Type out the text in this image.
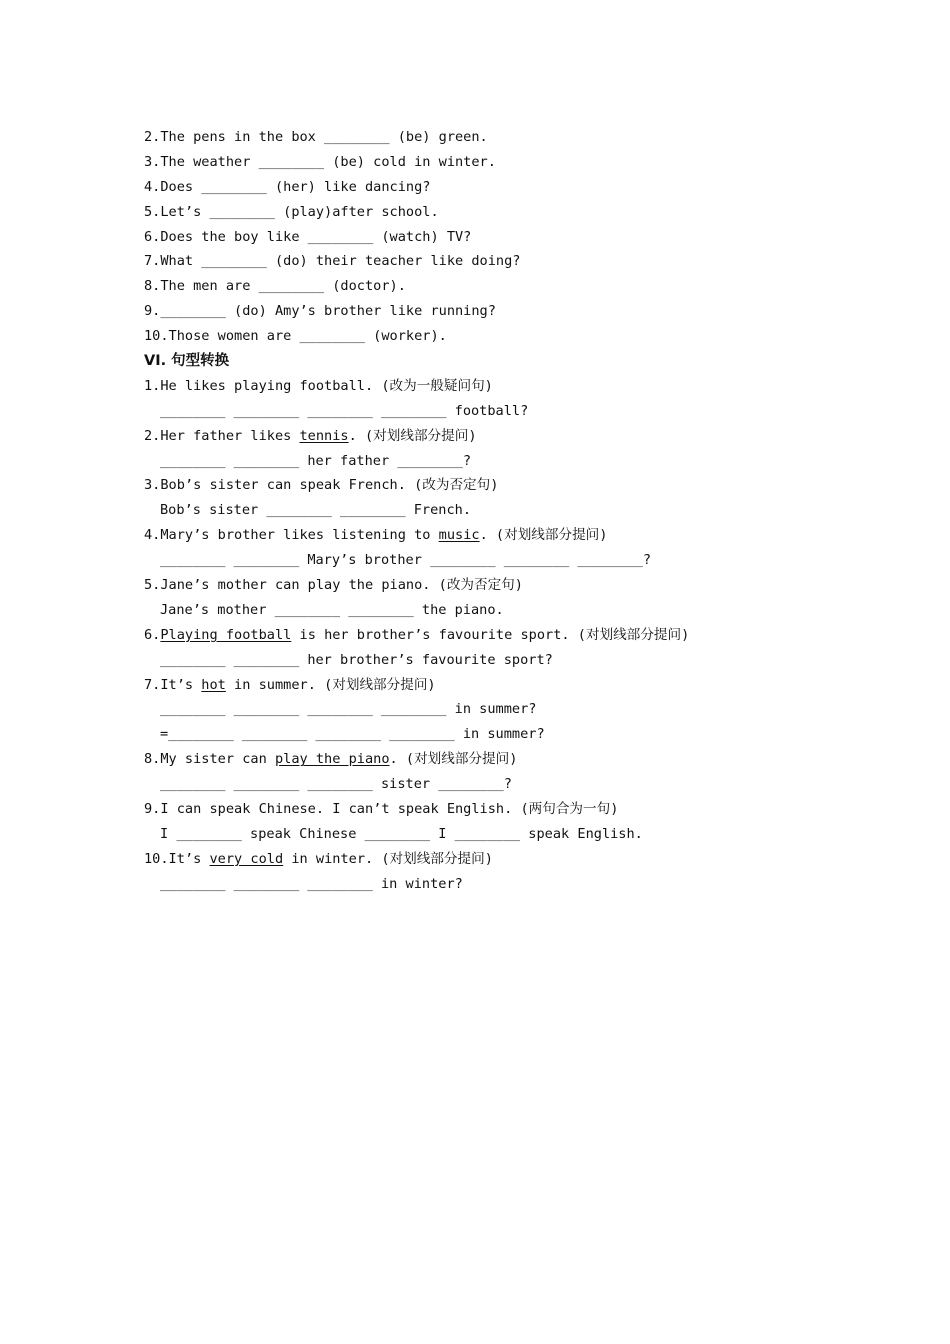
2.The pens in the box ________ (be) green.
3.The weather ________ (be) cold in winter.
4.Does ________ (her) like dancing?
5.Let’s ________ (play)after school.
6.Does the boy like ________ (watch) TV?
7.What ________ (do) their teacher like doing?
8.The men are ________ (doctor).
9.________ (do) Amy’s brother like running?
10.Those women are ________ (worker).
VI. 句型转换
1.He likes playing football. (改为一般疑问句)
________ ________ ________ ________ football?
2.Her father likes tennis. (对划线部分提问)
________ ________ her father ________?
3.Bob’s sister can speak French. (改为否定句)
Bob’s sister ________ ________ French.
4.Mary’s brother likes listening to music. (对划线部分提问)
________ ________ Mary’s brother ________ ________ ________?
5.Jane’s mother can play the piano. (改为否定句)
Jane’s mother ________ ________ the piano.
6.Playing football is her brother’s favourite sport. (对划线部分提问)
________ ________ her brother’s favourite sport?
7.It’s hot in summer. (对划线部分提问)
________ ________ ________ ________ in summer?
=________ ________ ________ ________ in summer?
8.My sister can play the piano. (对划线部分提问)
________ ________ ________ sister ________?
9.I can speak Chinese. I can’t speak English. (两句合为一句)
I ________ speak Chinese ________ I ________ speak English.
10.It’s very cold in winter. (对划线部分提问)
________ ________ ________ in winter?
